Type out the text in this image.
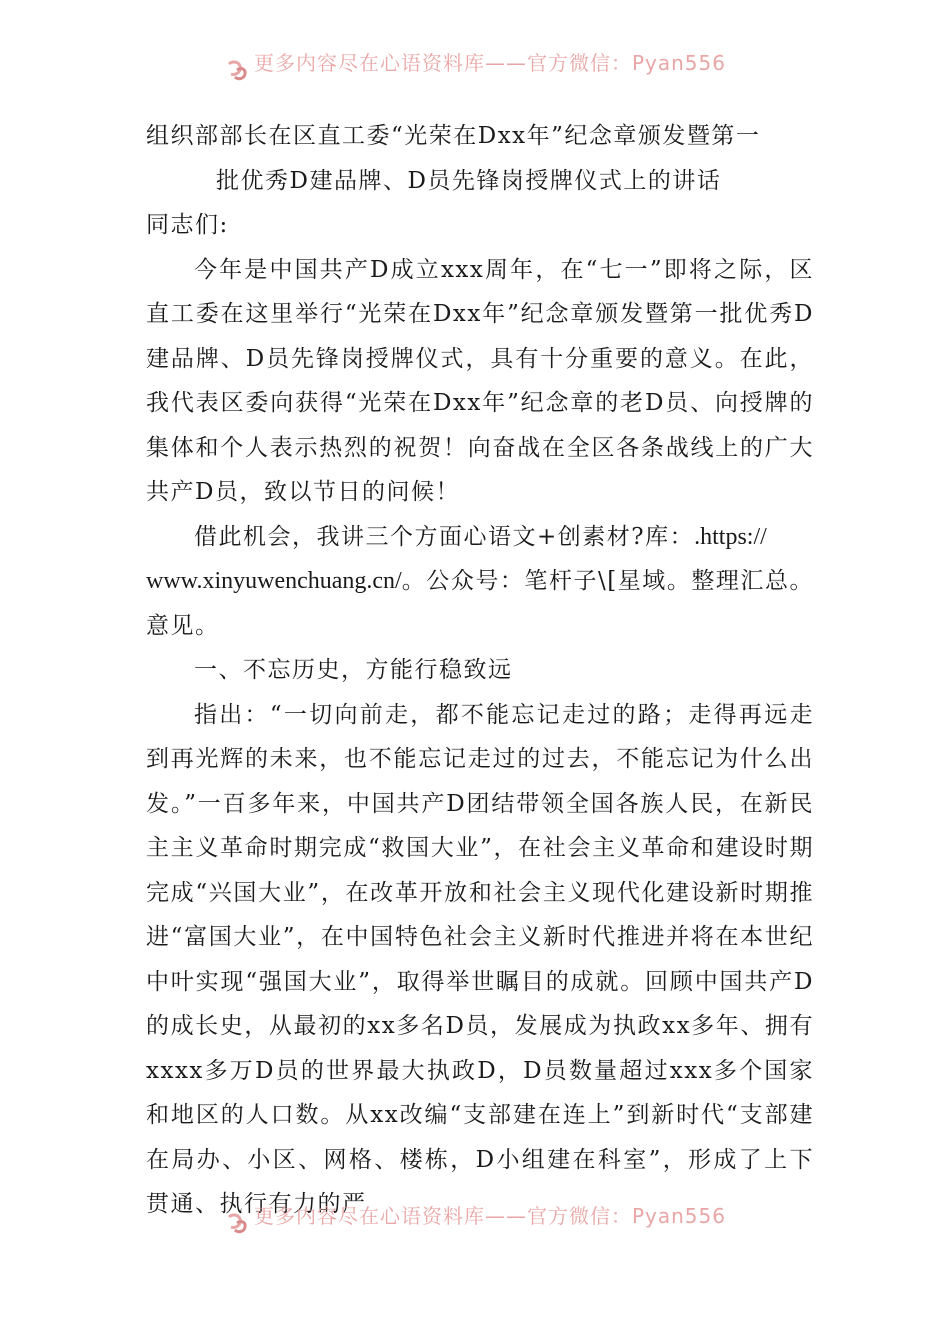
更多内容尽在心语资料库——官方微信：Pyan556

组织部部长在区直工委“光荣在Dxx年”纪念章颁发暨第一
批优秀D建品牌、D员先锋岗授牌仪式上的讲话

同志们:

今年是中国共产D成立xxx周年，在“七一”即将之际，区直工委在这里举行“光荣在Dxx年”纪念章颁发暨第一批优秀D建品牌、D员先锋岗授牌仪式，具有十分重要的意义。在此，我代表区委向获得“光荣在Dxx年”纪念章的老D员、向授牌的集体和个人表示热烈的祝贺！向奋战在全区各条战线上的广大共产D员，致以节日的问候！

借此机会，我讲三个方面心语文+创素材?库：.https://
www.xinyuwenchuang.cn/。公众号：笔杆子\[星域。整理汇总。意见。

一、不忘历史，方能行稳致远

指出：“一切向前走，都不能忘记走过的路；走得再远走到再光辉的未来，也不能忘记走过的过去，不能忘记为什么出发。”一百多年来，中国共产D团结带领全国各族人民，在新民主主义革命时期完成“救国大业”，在社会主义革命和建设时期完成“兴国大业”，在改革开放和社会主义现代化建设新时期推进“富国大业”，在中国特色社会主义新时代推进并将在本世纪中叶实现“强国大业”，取得举世瞩目的成就。回顾中国共产D的成长史，从最初的xx多名D员，发展成为执政xx多年、拥有xxxx多万D员的世界最大执政D，D员数量超过xxx多个国家和地区的人口数。从xx改编“支部建在连上”到新时代“支部建在局办、小区、网格、楼栋，D小组建在科室”，形成了上下贯通、执行有力的严

更多内容尽在心语资料库——官方微信：Pyan556
